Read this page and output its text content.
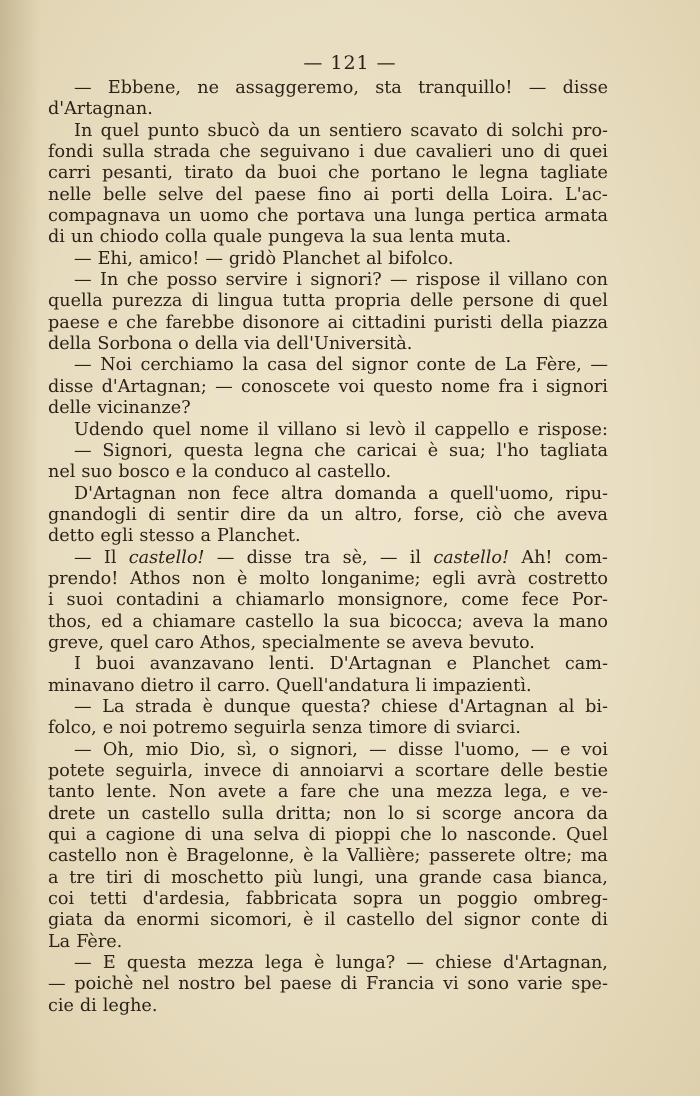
— 121 —
— Ebbene, ne assaggeremo, sta tranquillo! — disse
d'Artagnan.
In quel punto sbucò da un sentiero scavato di solchi pro-
fondi sulla strada che seguivano i due cavalieri uno di quei
carri pesanti, tirato da buoi che portano le legna tagliate
nelle belle selve del paese fino ai porti della Loira. L'ac-
compagnava un uomo che portava una lunga pertica armata
di un chiodo colla quale pungeva la sua lenta muta.
— Ehi, amico! — gridò Planchet al bifolco.
— In che posso servire i signori? — rispose il villano con
quella purezza di lingua tutta propria delle persone di quel
paese e che farebbe disonore ai cittadini puristi della piazza
della Sorbona o della via dell'Università.
— Noi cerchiamo la casa del signor conte de La Fère, —
disse d'Artagnan; — conoscete voi questo nome fra i signori
delle vicinanze?
Udendo quel nome il villano si levò il cappello e rispose:
— Signori, questa legna che caricai è sua; l'ho tagliata
nel suo bosco e la conduco al castello.
D'Artagnan non fece altra domanda a quell'uomo, ripu-
gnandogli di sentir dire da un altro, forse, ciò che aveva
detto egli stesso a Planchet.
— Il castello! — disse tra sè, — il castello! Ah! com-
prendo! Athos non è molto longanime; egli avrà costretto
i suoi contadini a chiamarlo monsignore, come fece Por-
thos, ed a chiamare castello la sua bicocca; aveva la mano
greve, quel caro Athos, specialmente se aveva bevuto.
I buoi avanzavano lenti. D'Artagnan e Planchet cam-
minavano dietro il carro. Quell'andatura li impazientì.
— La strada è dunque questa? chiese d'Artagnan al bi-
folco, e noi potremo seguirla senza timore di sviarci.
— Oh, mio Dio, sì, o signori, — disse l'uomo, — e voi
potete seguirla, invece di annoiarvi a scortare delle bestie
tanto lente. Non avete a fare che una mezza lega, e ve-
drete un castello sulla dritta; non lo si scorge ancora da
qui a cagione di una selva di pioppi che lo nasconde. Quel
castello non è Bragelonne, è la Vallière; passerete oltre; ma
a tre tiri di moschetto più lungi, una grande casa bianca,
coi tetti d'ardesia, fabbricata sopra un poggio ombreg-
giata da enormi sicomori, è il castello del signor conte di
La Fère.
— E questa mezza lega è lunga? — chiese d'Artagnan,
— poichè nel nostro bel paese di Francia vi sono varie spe-
cie di leghe.
